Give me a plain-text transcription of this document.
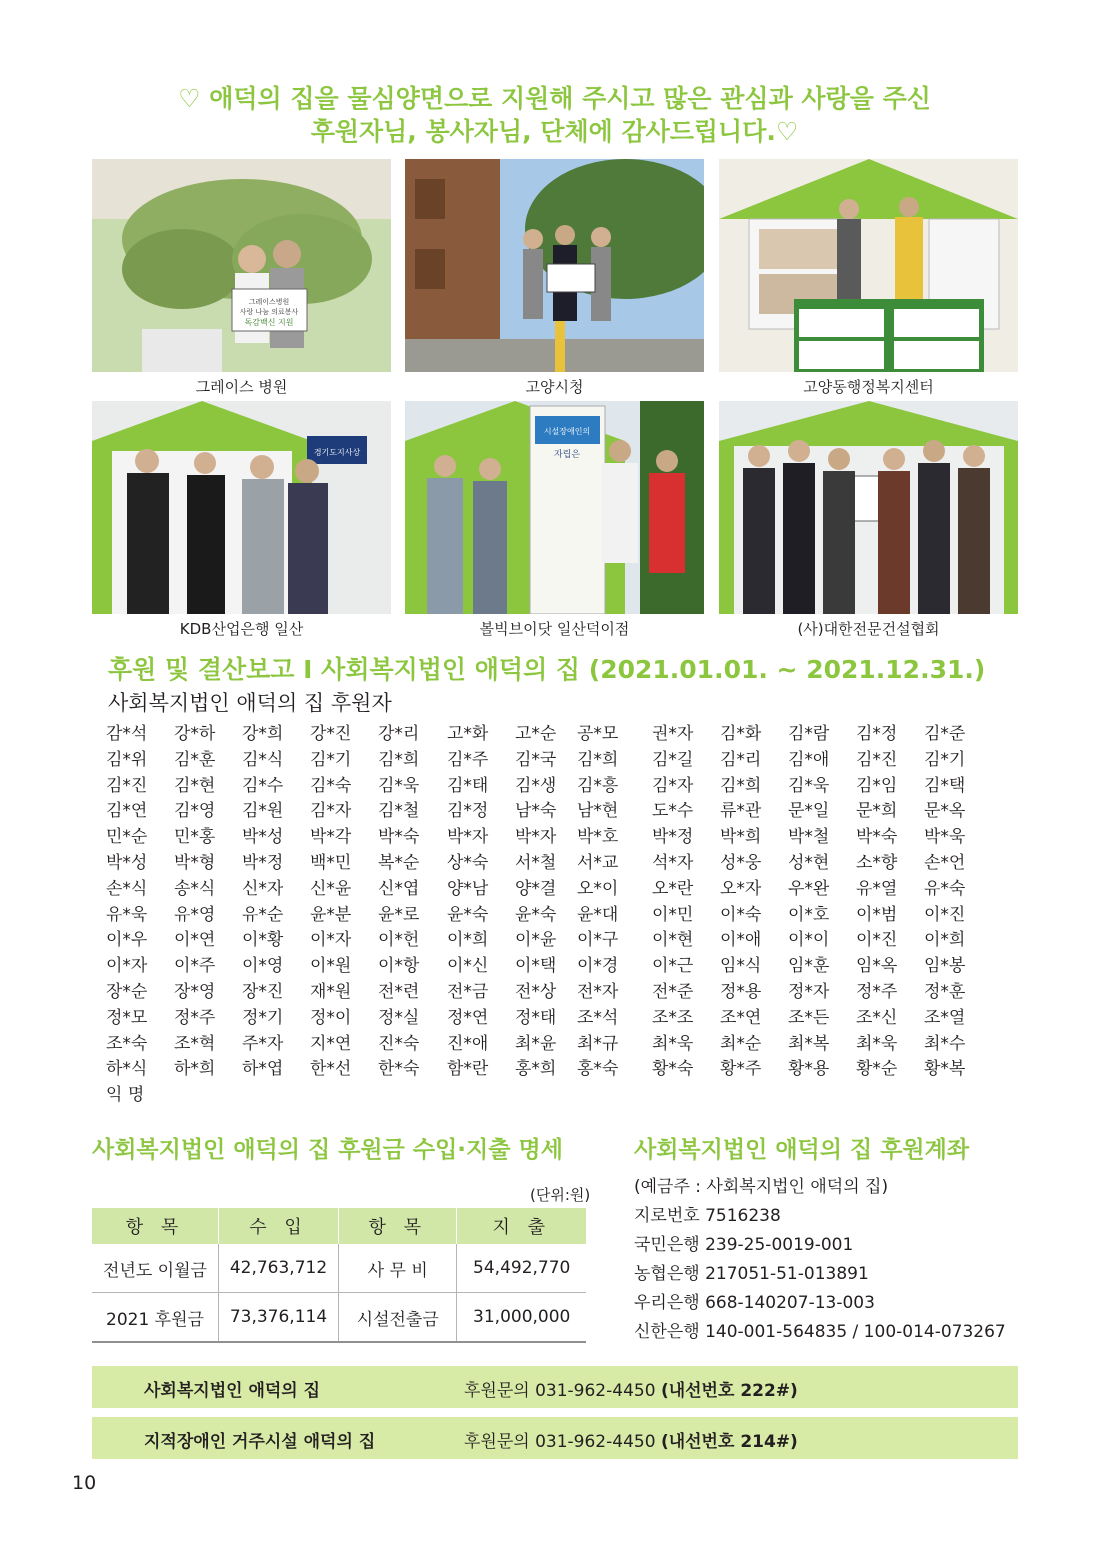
♡ 애덕의 집을 물심양면으로 지원해 주시고 많은 관심과 사랑을 주신
후원자님, 봉사자님, 단체에 감사드립니다.♡
그레이스병원
사랑 나눔 의료봉사
독감백신 지원
그레이스 병원	고양시청	고양동행정복지센터
경기도지사상
KDB산업은행 일산
시설장애인의
자립은
볼빅브이닷 일산덕이점	(사)대한전문건설협회
후원 및 결산보고 I 사회복지법인 애덕의 집 (2021.01.01. ~ 2021.12.31.)
사회복지법인 애덕의 집 후원자
감*석 강*하 강*희 강*진 강*리 고*화 고*순 공*모 권*자 김*화 김*람 김*정 김*준
김*위 김*훈 김*식 김*기 김*희 김*주 김*국 김*희 김*길 김*리 김*애 김*진 김*기
김*진 김*현 김*수 김*숙 김*욱 김*태 김*생 김*흥 김*자 김*희 김*욱 김*임 김*택
김*연 김*영 김*원 김*자 김*철 김*정 남*숙 남*현 도*수 류*관 문*일 문*희 문*옥
민*순 민*홍 박*성 박*각 박*숙 박*자 박*자 박*호 박*정 박*희 박*철 박*숙 박*욱
박*성 박*형 박*정 백*민 복*순 상*숙 서*철 서*교 석*자 성*웅 성*현 소*향 손*언
손*식 송*식 신*자 신*윤 신*엽 양*남 양*결 오*이 오*란 오*자 우*완 유*열 유*숙
유*욱 유*영 유*순 윤*분 윤*로 윤*숙 윤*숙 윤*대 이*민 이*숙 이*호 이*범 이*진
이*우 이*연 이*황 이*자 이*헌 이*희 이*윤 이*구 이*현 이*애 이*이 이*진 이*희
이*자 이*주 이*영 이*원 이*항 이*신 이*택 이*경 이*근 임*식 임*훈 임*옥 임*봉
장*순 장*영 장*진 재*원 전*련 전*금 전*상 전*자 전*준 정*용 정*자 정*주 정*훈
정*모 정*주 정*기 정*이 정*실 정*연 정*태 조*석 조*조 조*연 조*든 조*신 조*열
조*숙 조*혁 주*자 지*연 진*숙 진*애 최*윤 최*규 최*욱 최*순 최*복 최*욱 최*수
하*식 하*희 하*엽 한*선 한*숙 함*란 홍*희 홍*숙 황*숙 황*주 황*용 황*순 황*복
익 명
사회복지법인 애덕의 집 후원금 수입·지출 명세
(단위:원)
항 목	수 입	항 목	지 출
전년도 이월금	42,763,712	사 무 비	54,492,770
2021 후원금	73,376,114	시설전출금	31,000,000
사회복지법인 애덕의 집 후원계좌
(예금주 : 사회복지법인 애덕의 집)
지로번호 7516238
국민은행 239-25-0019-001
농협은행 217051-51-013891
우리은행 668-140207-13-003
신한은행 140-001-564835 / 100-014-073267
사회복지법인 애덕의 집	후원문의 031-962-4450 (내선번호 222#)
지적장애인 거주시설 애덕의 집	후원문의 031-962-4450 (내선번호 214#)
10
